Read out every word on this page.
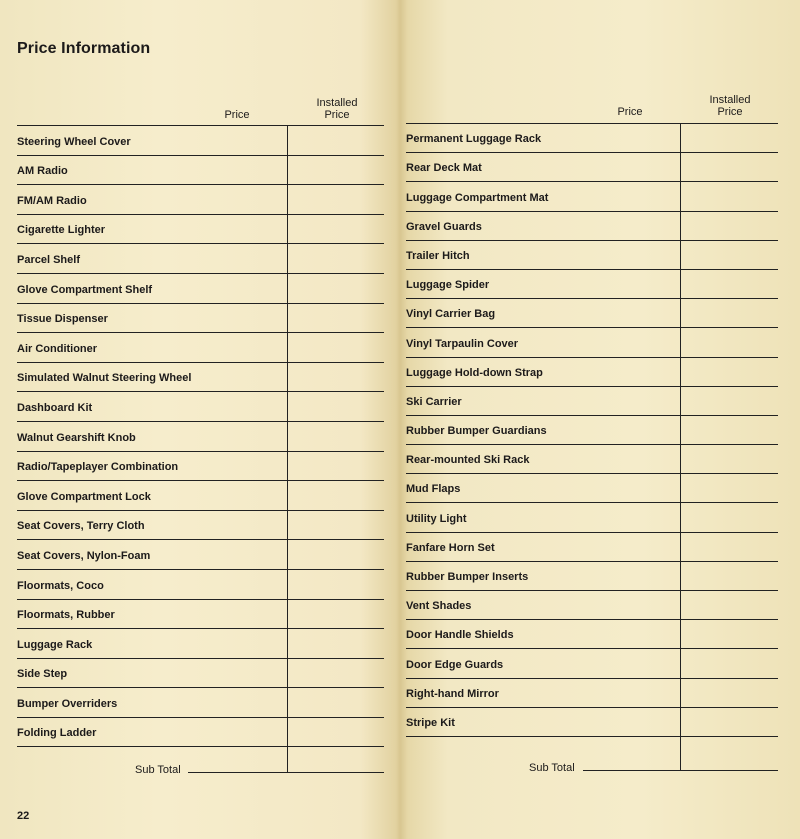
Price Information
Price
Installed
Price
Steering Wheel Cover
AM Radio
FM/AM Radio
Cigarette Lighter
Parcel Shelf
Glove Compartment Shelf
Tissue Dispenser
Air Conditioner
Simulated Walnut Steering Wheel
Dashboard Kit
Walnut Gearshift Knob
Radio/Tapeplayer Combination
Glove Compartment Lock
Seat Covers, Terry Cloth
Seat Covers, Nylon-Foam
Floormats, Coco
Floormats, Rubber
Luggage Rack
Side Step
Bumper Overriders
Folding Ladder
Sub Total
22
Price
Installed
Price
Permanent Luggage Rack
Rear Deck Mat
Luggage Compartment Mat
Gravel Guards
Trailer Hitch
Luggage Spider
Vinyl Carrier Bag
Vinyl Tarpaulin Cover
Luggage Hold-down Strap
Ski Carrier
Rubber Bumper Guardians
Rear-mounted Ski Rack
Mud Flaps
Utility Light
Fanfare Horn Set
Rubber Bumper Inserts
Vent Shades
Door Handle Shields
Door Edge Guards
Right-hand Mirror
Stripe Kit
Sub Total
